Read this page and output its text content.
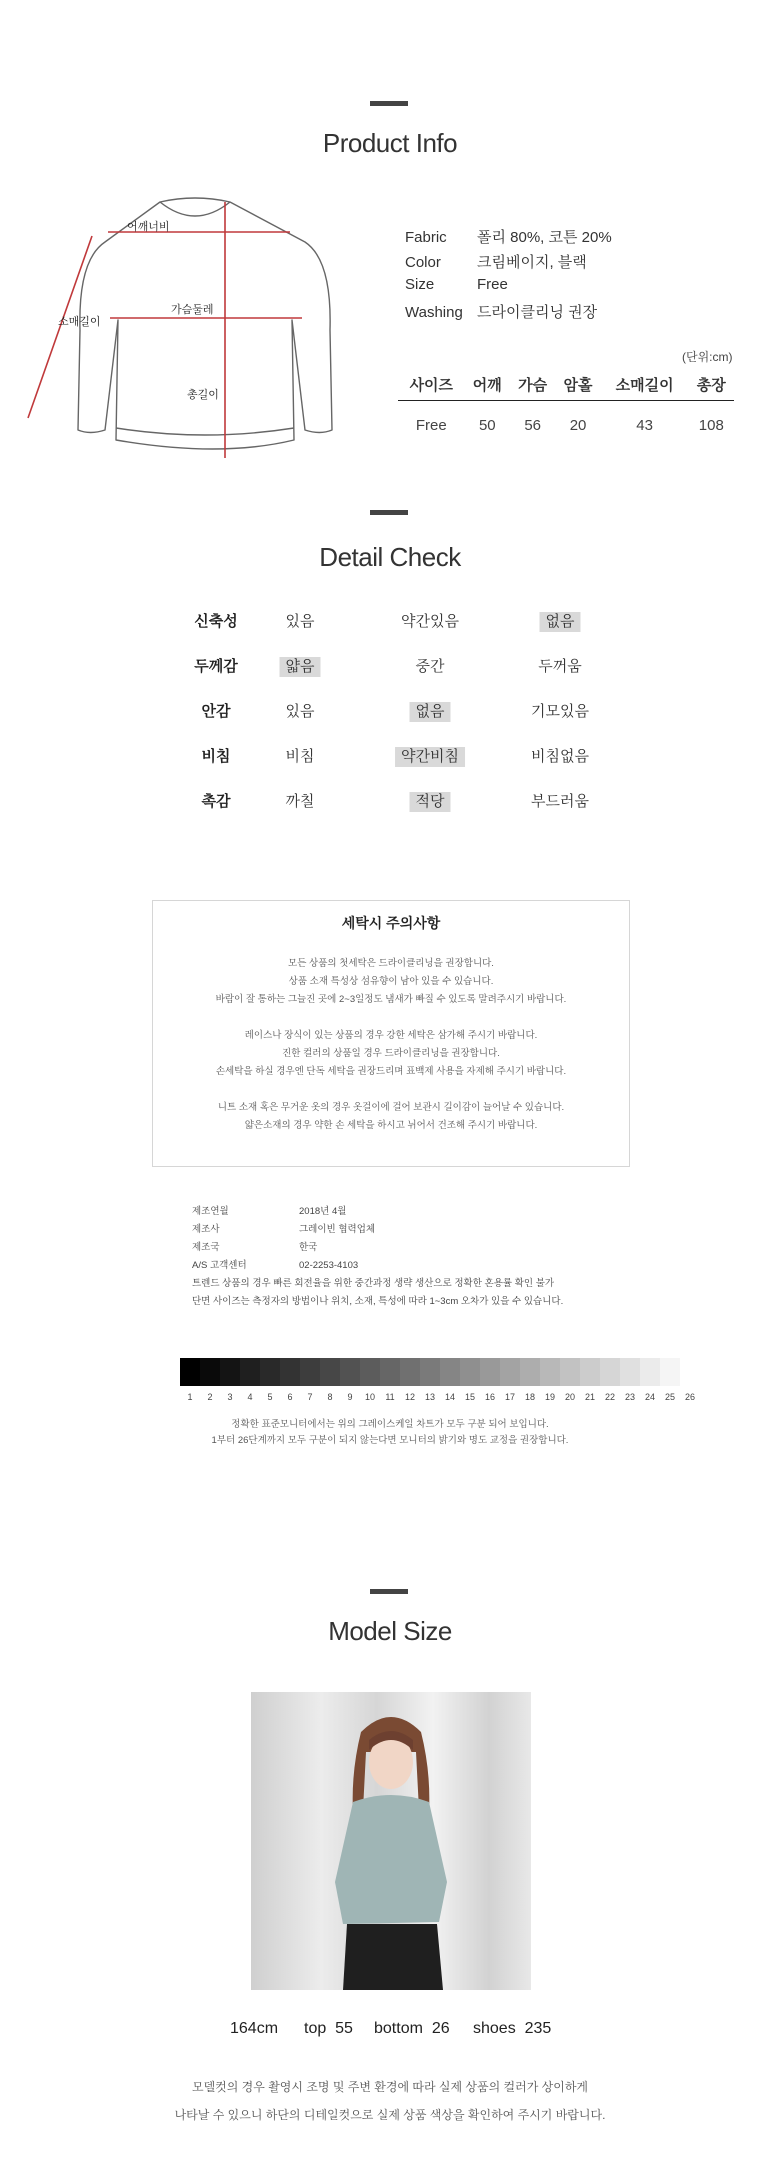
Product Info
어깨너비
소매길이
가슴둘레
총길이
Fabric 폴리 80%, 코튼 20%
Color 크림베이지, 블랙
Size	Free
Washing 드라이클리닝 권장
(단위:cm)
사이즈	어깨	가슴	암홀	소매길이	총장
Free	50	56	20	43	108
Detail Check
신축성	있음	약간있음	없음
두께감	얇음	중간	두꺼움
안감	있음	없음	기모있음
비침	비침	약간비침	비침없음
촉감	까칠	적당	부드러움
세탁시 주의사항
모든 상품의 첫세탁은 드라이클리닝을 권장합니다.
상품 소재 특성상 섬유향이 남아 있을 수 있습니다.
바람이 잘 통하는 그늘진 곳에 2~3일정도 냄새가 빠질 수 있도록 말려주시기 바랍니다.
레이스나 장식이 있는 상품의 경우 강한 세탁은 삼가해 주시기 바랍니다.
진한 컬러의 상품일 경우 드라이클리닝을 권장합니다.
손세탁을 하실 경우엔 단독 세탁을 권장드리며 표백제 사용을 자제해 주시기 바랍니다.
니트 소재 혹은 무거운 옷의 경우 옷걸이에 걸어 보관시 길이감이 늘어날 수 있습니다.
얇은소재의 경우 약한 손 세탁을 하시고 뉘어서 건조해 주시기 바랍니다.
제조연월	2018년 4월
제조사	그레이빈 협력업체
제조국	한국
A/S 고객센터	02-2253-4103
트렌드 상품의 경우 빠른 회전율을 위한 중간과정 생략 생산으로 정확한 혼용률 확인 불가
단면 사이즈는 측정자의 방법이나 위치, 소재, 특성에 따라 1~3cm 오차가 있을 수 있습니다.
1	2	3	4	5	6	7	8	9	10	11	12	13	14	15	16	17	18	19	20	21	22	23	24	25	26
정확한 표준모니터에서는 위의 그레이스케일 차트가 모두 구분 되어 보입니다.
1부터 26단계까지 모두 구분이 되지 않는다면 모니터의 밝기와 명도 교정을 권장합니다.
Model Size
164cm top 55 bottom 26 shoes 235
모델컷의 경우 촬영시 조명 및 주변 환경에 따라 실제 상품의 컬러가 상이하게
나타날 수 있으니 하단의 디테일컷으로 실제 상품 색상을 확인하여 주시기 바랍니다.
